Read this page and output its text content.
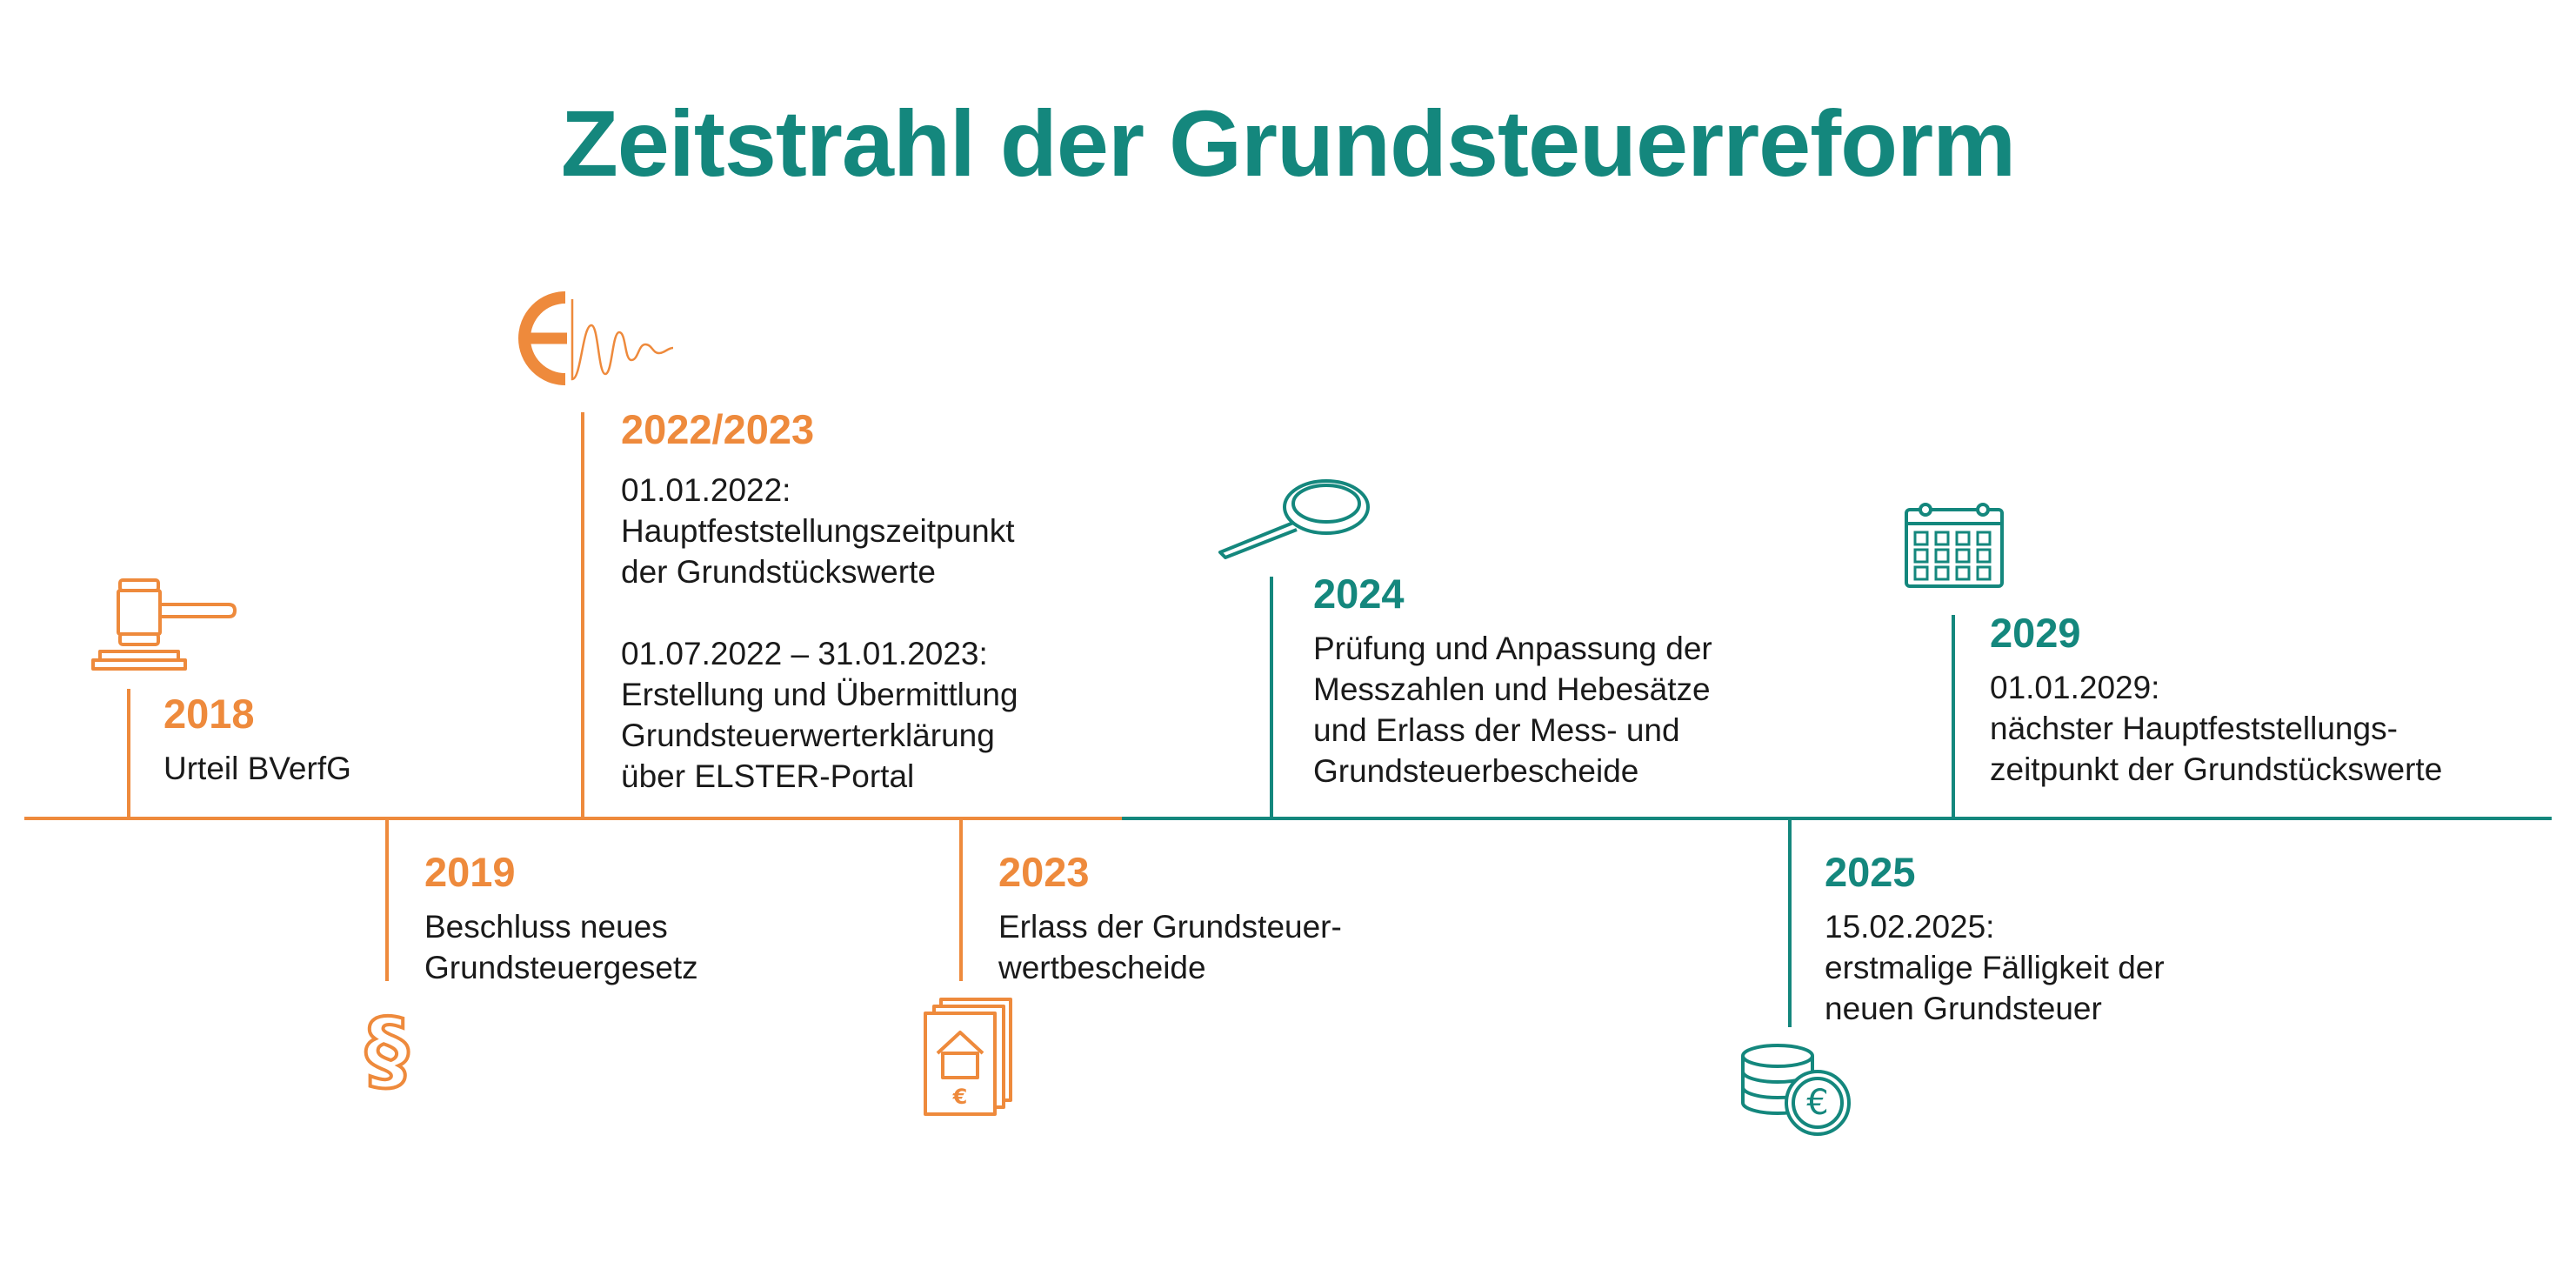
Zeitstrahl der Grundsteuerreform
2018

Urteil BVerfG

2019

Beschluss neues
Grundsteuergesetz

§
2022/2023

01.01.2022:
Hauptfeststellungszeitpunkt
der Grundstückswerte

01.07.2022 – 31.01.2023:
Erstellung und Übermittlung
Grundsteuerwerterklärung
über ELSTER-Portal

2023

Erlass der Grundsteuer-
wertbescheide

€
2024

Prüfung und Anpassung der
Messzahlen und Hebesätze
und Erlass der Mess- und
Grundsteuerbescheide

2025

15.02.2025:
erstmalige Fälligkeit der
neuen Grundsteuer

€
2029

01.01.2029:
nächster Hauptfeststellungs-
zeitpunkt der Grundstückswerte
